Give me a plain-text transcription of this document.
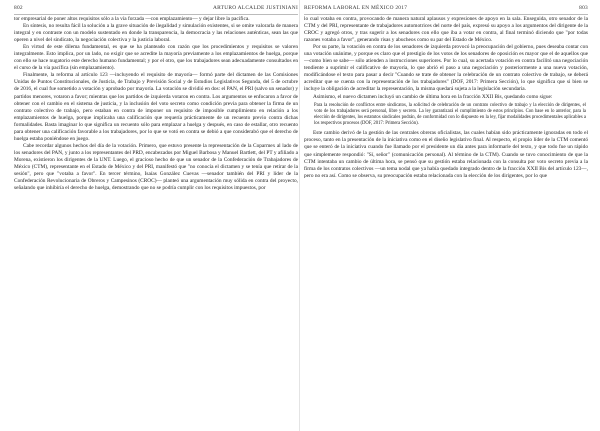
802	ARTURO ALCALDE JUSTINIANI

tor empresarial de poner altos requisitos sólo a la vía forzada —con emplazamiento— y dejar libre la pacífica.

En síntesis, no resulta fácil la solución a la grave situación de ilegalidad y simulación existentes, si se omite valorarla de manera integral y en contraste con un modelo sustentado en donde la transparencia, la democracia y las relaciones auténticas, sean las que operen a nivel del sindicato, la negociación colectiva y la justicia laboral.

En virtud de este dilema fundamental, es que se ha planteado con razón que los procedimientos y requisitos se valoren integralmente. Esto implica, por un lado, no exigir que se acredite la mayoría previamente a los emplazamientos de huelga, porque con ello se hace nugatorio este derecho humano fundamental; y por el otro, que los trabajadores sean adecuadamente consultados en el curso de la vía pacífica (sin emplazamiento).

Finalmente, la reforma al artículo 123 —incluyendo el requisito de mayoría— formó parte del dictamen de las Comisiones Unidas de Puntos Constitucionales, de Justicia, de Trabajo y Previsión Social y de Estudios Legislativos Segunda, del 5 de octubre de 2016, el cual fue sometido a votación y aprobado por mayoría. La votación se dividió en dos: el PAN, el PRI (salvo un senador) y partidos menores, votaron a favor; mientras que los partidos de izquierda votaron en contra. Los argumentos se enfocaron a favor de obtener con el cambio en el sistema de justicia, y la inclusión del voto secreto como condición previa para obtener la firma de un contrato colectivo de trabajo, pero estaban en contra de imponer un requisito de imposible cumplimiento en relación a los emplazamientos de huelga, porque implicaba una calificación que requería prácticamente de un recuento previo contra dichas formalidades. Basta imaginar lo que significa un recuento sólo para emplazar a huelga y después, en caso de estallar, otro recuento para obtener una calificación favorable a los trabajadores, por lo que se votó en contra se debió a que considerabó que el derecho de huelga estaba poniéndose en juego.

Cabe recordar algunos hechos del día de la votación. Primero, que estuvo presente la representación de la Coparmex al lado de los senadores del PAN, y junto a los representantes del PRD, encabezados por Miguel Barbosa y Manuel Bartlett, del PT y afiliado a Morena, existieron los dirigentes de la UNT. Luego, el gracioso hecho de que un senador de la Confederación de Trabajadores de México (CTM), representante en el Estado de México y del PRI, manifestó que "no conocía el dictamen y se tenía que retirar de la sesión", pero que "votaba a favor". En tercer término, Isaías González Cuevas —senador también del PRI y líder de la Confederación Revolucionaria de Obreros y Campesinos (CROC)— planteó una argumentación muy sólida en contra del proyecto, señalando que inhibiría el derecho de huelga, demostrando que no se podría cumplir con los requisitos impuestos, por

REFORMA LABORAL EN MÉXICO 2017	803

lo cual votaba en contra, provocando de manera natural aplausos y expresiones de apoyo en la sala. Enseguida, otro senador de la CTM y del PRI, representante de trabajadores automotrices del norte del país, expresó su apoyo a los argumentos del dirigente de la CROC y agregó otros, y tras sugerir a los senadores con ello que iba a votar en contra, al final terminó diciendo que "por todas razones votaba a favor", generando risas y abucheos como su par del Estado de México.

Por su parte, la votación en contra de los senadores de izquierda provocó la preocupación del gobierno, pues deseaba contar con una votación unánime, y porque es claro que el prestigio de los votos de los senadores de oposición es mayor que el de aquellos que —como bien se sabe— sólo atienden a instrucciones superiores. Por lo cual, su acertada votación en contra facilitó una negociación tendiente a suprimir el calificativo de mayoría, lo que abrió el paso a una negociación y posteriormente a una nueva votación, modificándose el texto para pasar a decir "Cuando se trate de obtener la celebración de un contrato colectivo de trabajo, se deberá acreditar que se cuenta con la representación de los trabajadores" (DOF, 2017: Primera Sección), lo que significa que si bien se incluye la obligación de acreditar la representación, la misma quedará sujeta a la legislación secundaria.

Asimismo, el nuevo dictamen incluyó un cambio de última hora en la fracción XXII Bis, quedando como sigue:

Para la resolución de conflictos entre sindicatos, la solicitud de celebración de un contrato colectivo de trabajo y la elección de dirigentes, el voto de los trabajadores será personal, libre y secreto. La ley garantizará el cumplimiento de estos principios. Con base en lo anterior, para la elección de dirigentes, los estatutos sindicales podrán, de conformidad con lo dispuesto en la ley, fijar modalidades procedimentales aplicables a los respectivos procesos (DOF, 2017: Primera Sección).

Este cambio derivó de la gestión de las centrales obreras oficialistas, las cuales habían sido prácticamente ignoradas en todo el proceso, tanto en la presentación de la iniciativa como en el diseño legislativo final. Al respecto, el propio líder de la CTM comentó que se enteró de la iniciativa cuando fue llamado por el presidente un día antes para informarle del texto, y que todo fue un rápido que simplemente respondió: "Sí, señor" (comunicación personal). Al término de la CTM). Cuando se tuvo conocimiento de que la CTM intentaba un cambio de última hora, se pensó que su gestión estaba relacionada con la consulta por voto secreto previa a la firma de los contratos colectivos —un tema nodal que ya había quedado integrado dentro de la fracción XXII Bis del artículo 123—, pero no era así. Como se observa, su preocupación estaba relacionada con la elección de los dirigentes, por lo que
